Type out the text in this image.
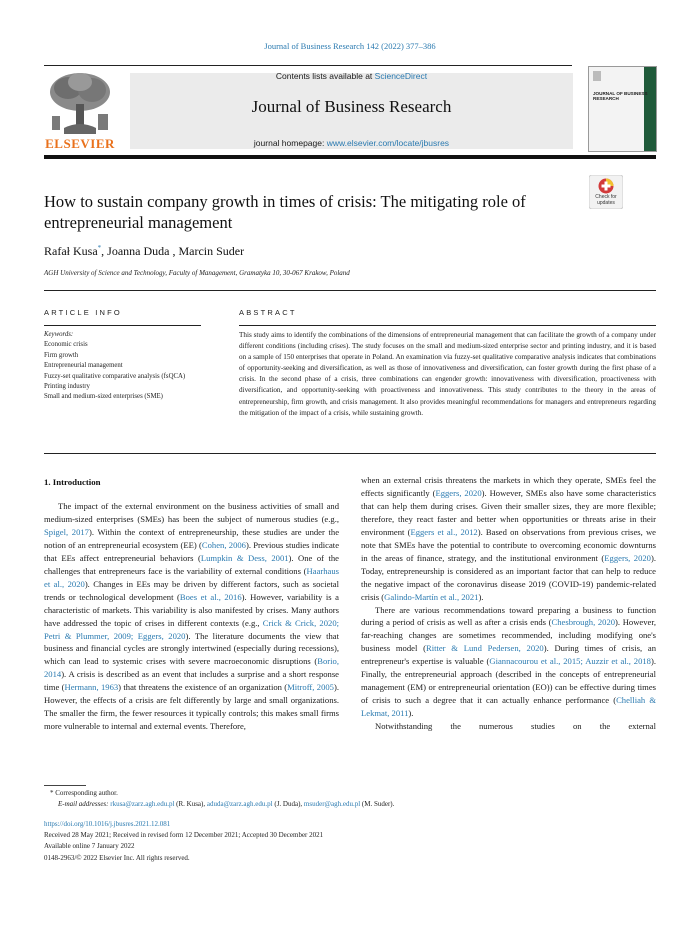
Journal of Business Research 142 (2022) 377–386
ELSEVIER
Contents lists available at ScienceDirect
Journal of Business Research
journal homepage: www.elsevier.com/locate/jbusres
JOURNAL OF BUSINESS RESEARCH
How to sustain company growth in times of crisis: The mitigating role of entrepreneurial management
Check for updates
Rafał Kusa*, Joanna Duda , Marcin Suder
AGH University of Science and Technology, Faculty of Management, Gramatyka 10, 30-067 Krakow, Poland
ARTICLE INFO	ABSTRACT
Keywords:
Economic crisis
Firm growth
Entrepreneurial management
Fuzzy-set qualitative comparative analysis (fsQCA)
Printing industry
Small and medium-sized enterprises (SME)
This study aims to identify the combinations of the dimensions of entrepreneurial management that can facilitate the growth of a company under different conditions (including crises). The study focuses on the small and medium-sized enterprise sector and printing industry, and it is based on a sample of 150 enterprises that operate in Poland. An examination via fuzzy-set qualitative comparative analysis indicates that combinations of opportunity-seeking and diversification, as well as those of innovativeness and diversification, can foster growth during the first phase of a crisis. In the second phase of a crisis, three combinations can engender growth: innovativeness with diversification, proactiveness with diversification, and opportunity-seeking with proactiveness and innovativeness. This study contributes to the theory in the areas of entrepreneurship, firm growth, and crisis management. It also provides meaningful recommendations for managers and entrepreneurs regarding the mitigation of the impact of a crisis, while sustaining growth.
1. Introduction

The impact of the external environment on the business activities of small and medium-sized enterprises (SMEs) has been the subject of numerous studies (e.g., Spigel, 2017). Within the context of entrepreneurship, these studies are under the notion of an entrepreneurial ecosystem (EE) (Cohen, 2006). Previous studies indicate that EEs affect entrepreneurial behaviors (Lumpkin & Dess, 2001). One of the challenges that entrepreneurs face is the variability of external conditions (Haarhaus et al., 2020). Changes in EEs may be driven by different factors, such as societal trends or technological development (Boes et al., 2016). However, variability is a characteristic of markets. This variability is also manifested by crises. Many authors have addressed the topic of crises in different contexts (e.g., Crick & Crick, 2020; Petri & Plummer, 2009; Eggers, 2020). The literature documents the view that business and financial cycles are strongly intertwined (especially during recessions), which can lead to systemic crises with severe macroeconomic disruptions (Borio, 2014). A crisis is described as an event that includes a surprise and a short response time (Hermann, 1963) that threatens the existence of an organization (Mitroff, 2005). However, the effects of a crisis are felt differently by large and small organizations. The smaller the firm, the fewer resources it typically controls; this makes small firms more vulnerable to internal and external events. Therefore,

when an external crisis threatens the markets in which they operate, SMEs feel the effects significantly (Eggers, 2020). However, SMEs also have some characteristics that can help them during crises. Given their smaller sizes, they are more flexible; therefore, they react faster and better when opportunities or threats arise in their environment (Eggers et al., 2012). Based on observations from previous crises, we note that SMEs have the potential to contribute to overcoming economic downturns in the areas of finance, strategy, and the institutional environment (Eggers, 2020). Today, entrepreneurship is considered as an important factor that can help to reduce the negative impact of the coronavirus disease 2019 (COVID-19) pandemic-related crisis (Galindo-Martín et al., 2021).

There are various recommendations toward preparing a business to function during a period of crisis as well as after a crisis ends (Chesbrough, 2020). However, far-reaching changes are sometimes recommended, including modifying one's business model (Ritter & Lund Pedersen, 2020). During times of crisis, an entrepreneur's expertise is valuable (Giannacourou et al., 2015; Auzzir et al., 2018). Finally, the entrepreneurial approach (described in the concepts of entrepreneurial management (EM) or entrepreneurial orientation (EO)) can be effective during times of crisis to such a degree that it can actually enhance performance (Chelliah & Lekmat, 2011).

Notwithstanding the numerous studies on the external

* Corresponding author.
E-mail addresses: rkusa@zarz.agh.edu.pl (R. Kusa), aduda@zarz.agh.edu.pl (J. Duda), msuder@agh.edu.pl (M. Suder).
https://doi.org/10.1016/j.jbusres.2021.12.081
Received 28 May 2021; Received in revised form 12 December 2021; Accepted 30 December 2021
Available online 7 January 2022
0148-2963/© 2022 Elsevier Inc. All rights reserved.
